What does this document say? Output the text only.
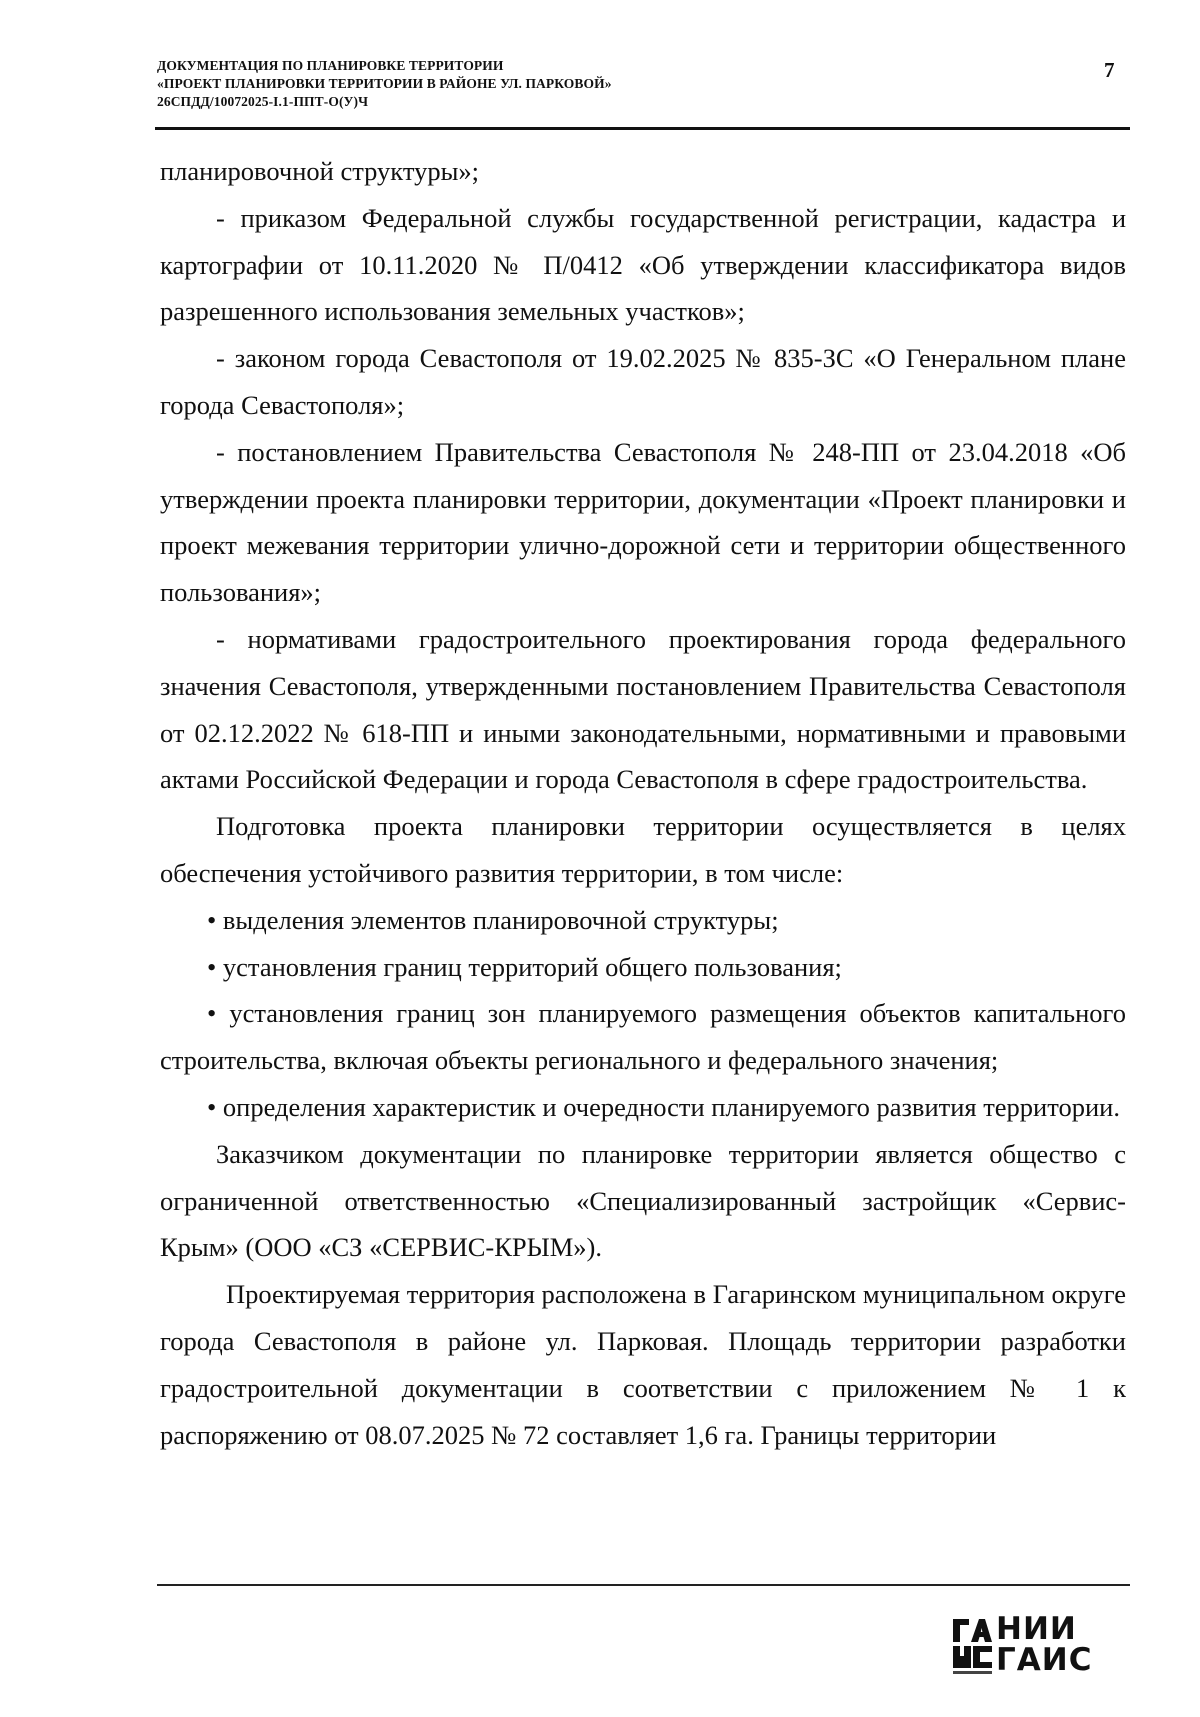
ДОКУМЕНТАЦИЯ ПО ПЛАНИРОВКЕ ТЕРРИТОРИИ
«ПРОЕКТ ПЛАНИРОВКИ ТЕРРИТОРИИ В РАЙОНЕ УЛ. ПАРКОВОЙ»
26СПДД/10072025-I.1-ППТ-О(У)Ч
7

планировочной структуры»;

- приказом Федеральной службы государственной регистрации, кадастра и картографии от 10.11.2020 № П/0412 «Об утверждении классификатора видов разрешенного использования земельных участков»;

- законом города Севастополя от 19.02.2025 № 835-ЗС «О Генеральном плане города Севастополя»;

- постановлением Правительства Севастополя № 248-ПП от 23.04.2018 «Об утверждении проекта планировки территории, документации «Проект планировки и проект межевания территории улично-дорожной сети и территории общественного пользования»;

- нормативами градостроительного проектирования города федерального значения Севастополя, утвержденными постановлением Правительства Севастополя от 02.12.2022 № 618-ПП и иными законодательными, нормативными и правовыми актами Российской Федерации и города Севастополя в сфере градостроительства.

Подготовка проекта планировки территории осуществляется в целях обеспечения устойчивого развития территории, в том числе:

• выделения элементов планировочной структуры;

• установления границ территорий общего пользования;

• установления границ зон планируемого размещения объектов капитального строительства, включая объекты регионального и федерального значения;

• определения характеристик и очередности планируемого развития территории.

Заказчиком документации по планировке территории является общество с ограниченной ответственностью «Специализированный застройщик «Сервис-Крым» (ООО «СЗ «СЕРВИС-КРЫМ»).

Проектируемая территория расположена в Гагаринском муниципальном округе города Севастополя в районе ул. Парковая. Площадь территории разработки градостроительной документации в соответствии с приложением № 1 к распоряжению от 08.07.2025 № 72 составляет 1,6 га. Границы территории

НИИ
ГАИС
